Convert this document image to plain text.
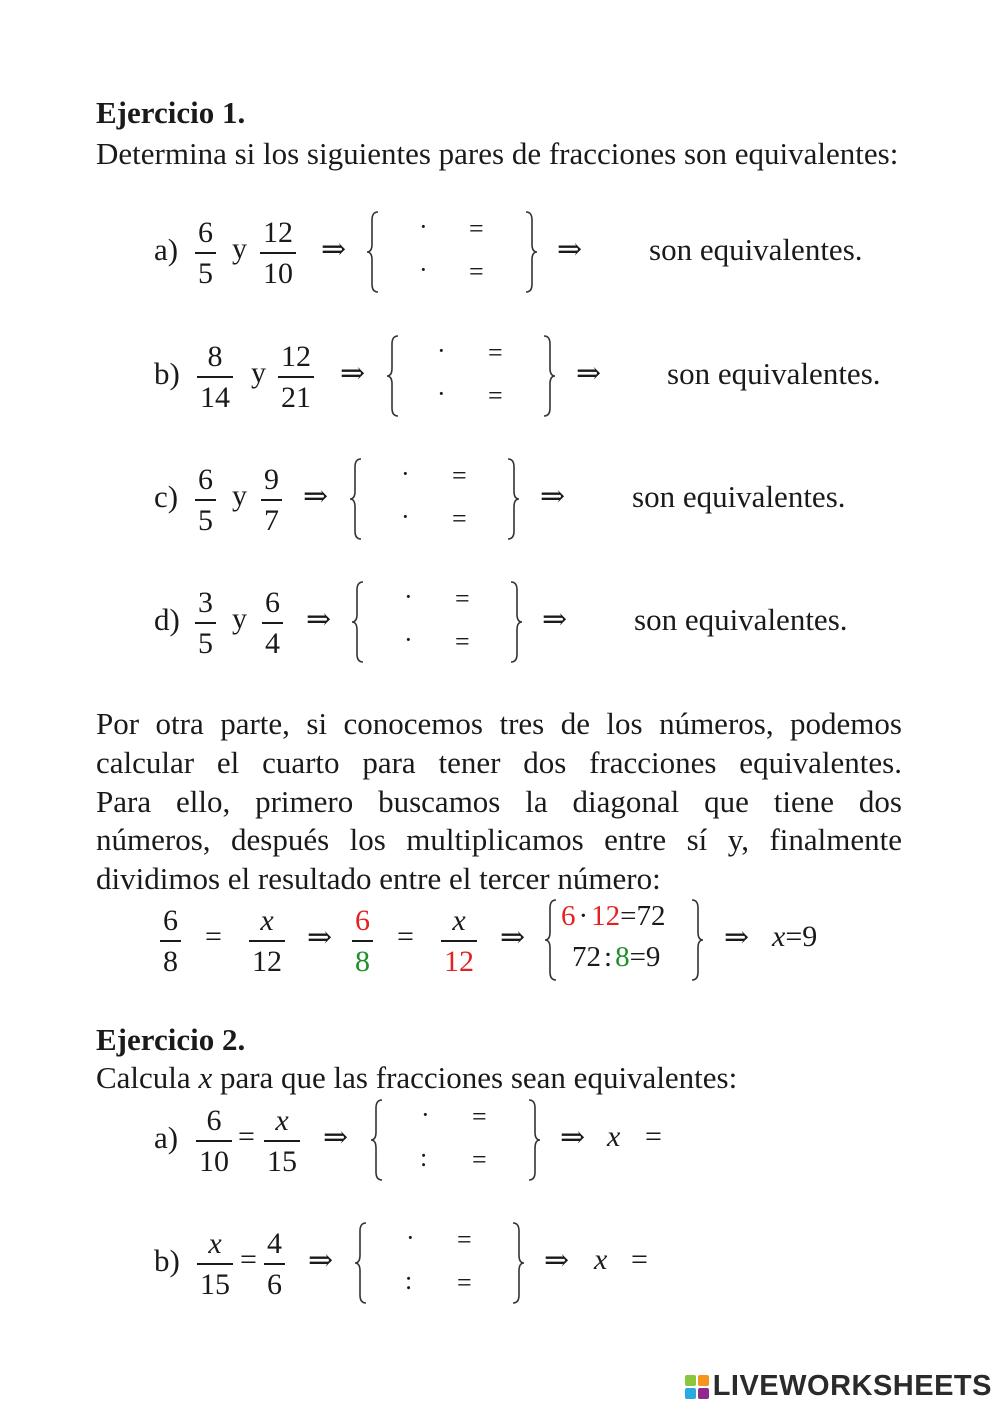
Ejercicio 1.
Determina si los siguientes pares de fracciones son equivalentes:
a) 6
5
y 12
10
⇒
· =
· =
⇒ son equivalentes.
b) 8
14
y 12
21
⇒
· =
· =
⇒ son equivalentes.
c) 6
5
y 9
7
⇒
· =
· =
⇒ son equivalentes.
d) 3
5
y 6
4
⇒
· =
· =
⇒ son equivalentes.
Por otra parte, si conocemos tres de los números, podemos
calcular el cuarto para tener dos fracciones equivalentes.
Para ello, primero buscamos la diagonal que tiene dos
números, después los multiplicamos entre sí y, finalmente
dividimos el resultado entre el tercer número:
6
8
= x
12
⇒
6
8
= x
12
⇒
6 · 12=72
72 : 8=9
⇒ x=9
Ejercicio 2.
Calcula x para que las fracciones sean equivalentes:
a) 6
10
= x
15
⇒
· =
: =
⇒ x =
b) x
15
= 4
6
⇒
· =
: =
⇒ x =
LIVEWORKSHEETS
